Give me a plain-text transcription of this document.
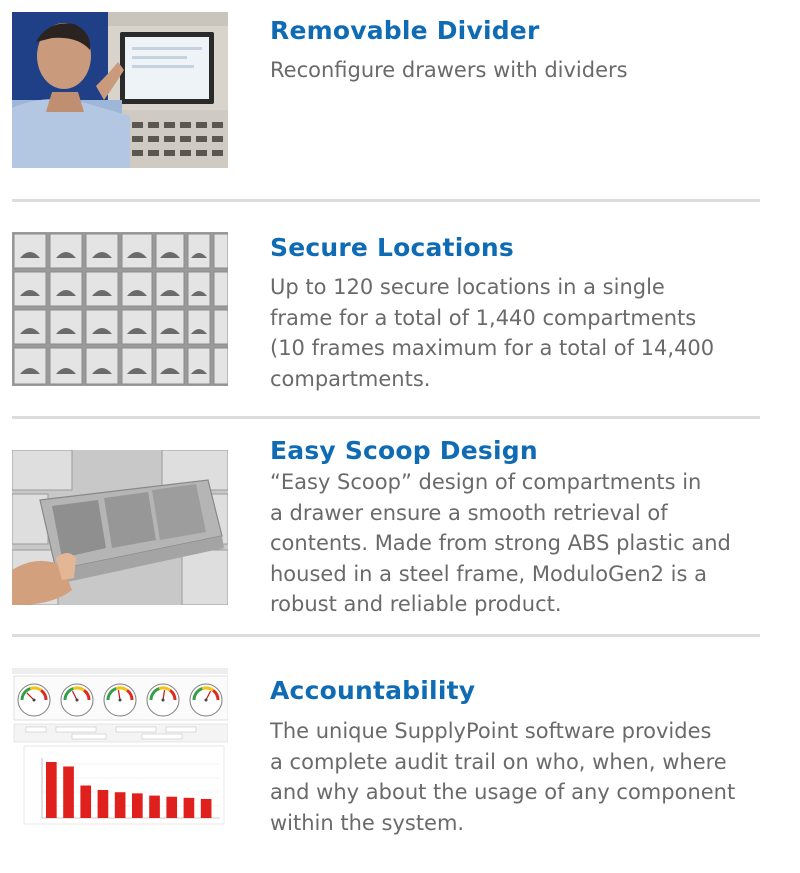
Removable Divider

Reconfigure drawers with dividers

Secure Locations

Up to 120 secure locations in a single
frame for a total of 1,440 compartments
(10 frames maximum for a total of 14,400
compartments.

Easy Scoop Design

“Easy Scoop” design of compartments in
a drawer ensure a smooth retrieval of
contents. Made from strong ABS plastic and
housed in a steel frame, ModuloGen2 is a
robust and reliable product.

Accountability

The unique SupplyPoint software provides
a complete audit trail on who, when, where
and why about the usage of any component
within the system.
